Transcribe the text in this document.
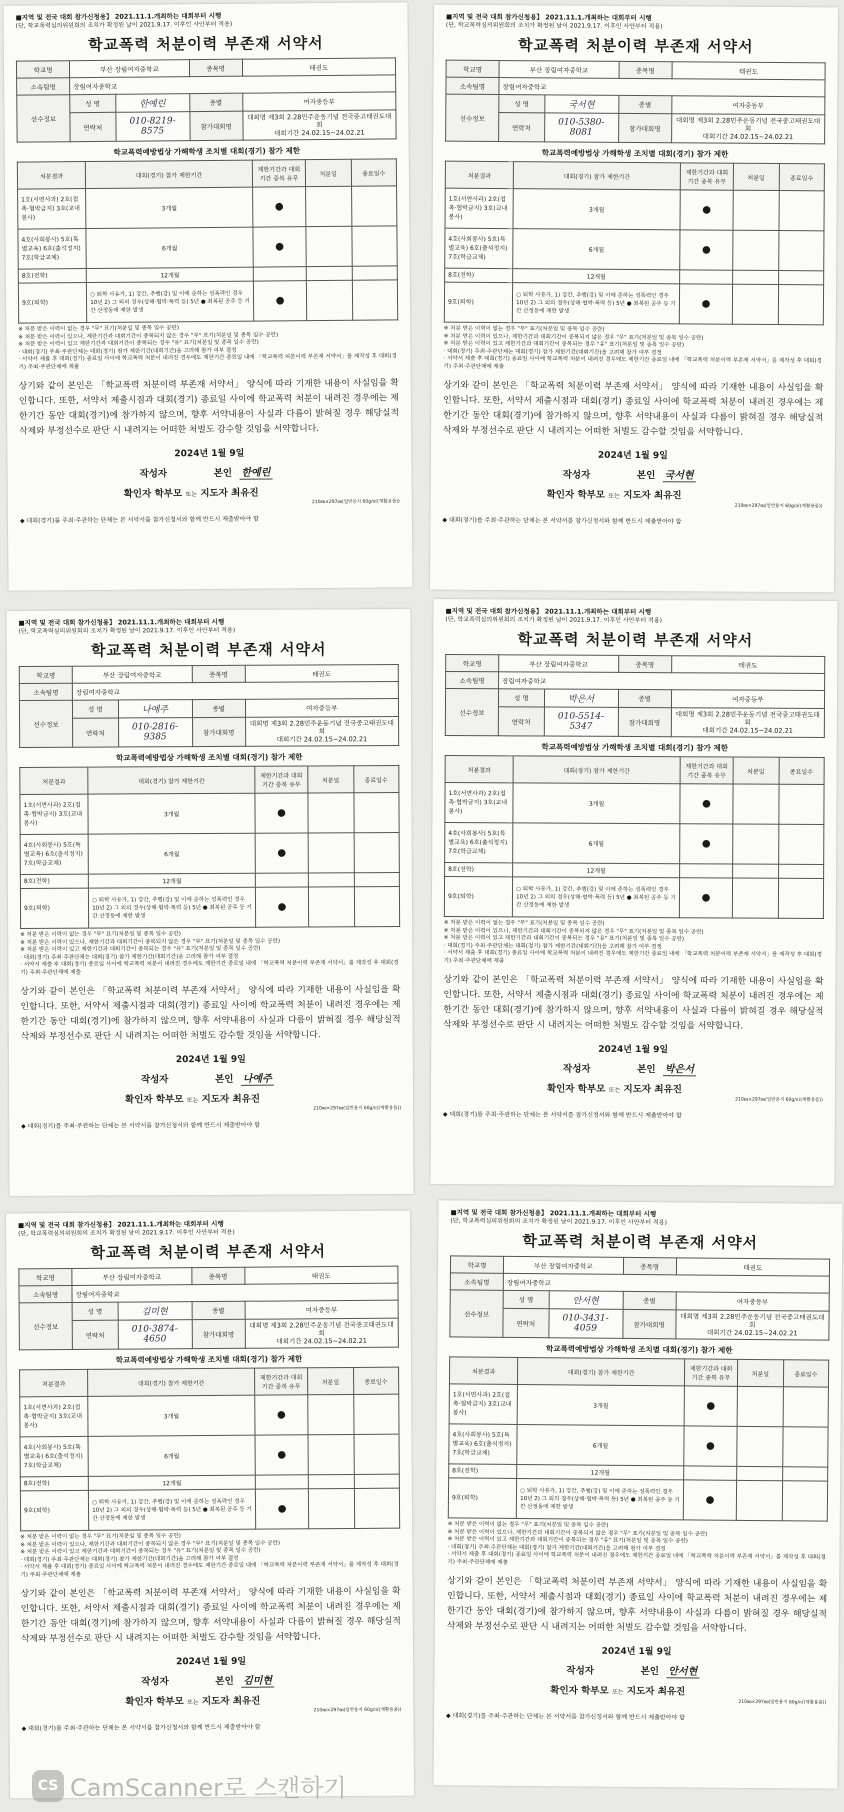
■지역 및 전국 대회 참가신청용】 2021.11.1.개최하는 대회부터 시행
(단, 학교폭력심의위원회의 조치가 확정된 날이 2021.9.17. 이후인 사안부터 적용)
학교폭력 처분이력 부존재 서약서
학교명	부산 장림여자중학교		종목명	태권도
소속팀명	장림여자중학교			
선수정보	성 명	한예린	종별	여자중등부
	연락처	010-8219-8575	참가대회명	대회명 제3회 2.28민주운동기념 전국중고태권도대회
대회기간 24.02.15~24.02.21
학교폭력예방법상 가해학생 조치별 대회(경기) 참가 제한
처분결과	대회(경기) 참가 제한기간	제한기간과 대회기간 중복 유무	처분일	종료일수
1호(서면사과) 2호(접촉·협박금지) 3호(교내봉사)	3개월	●		
4호(사회봉사) 5호(특별교육) 6호(출석정지) 7호(학급교체)	6개월	●		
8호(전학)	12개월			
9호(퇴학)	○ 퇴학 사유가, 1) 강간, 추행(강) 및 이에 준하는 성폭력인 경우 10년 2) 그 외의 경우(상해·협박·폭력 등) 5년 ● 최복된 공주 등 기간 산정동에 제한 발생	●		
※ 처분 받은 이력이 없는 경우 "무" 표기(처분일 및 종목 일수 공란)
※ 처분 받은 이력이 있으나, 제한기간과 대회기간이 중복되지 않은 경우 "무" 표기(처분일 및 종목 일수 공란)
※ 처분 받은 이력이 있고 제한기간과 대회기간이 중복되는 경우 "유" 표기(처분일 및 종목 일수 공란)
· 대회(경기) 주최·주관단체는 대회(경기) 참가 제한기간(대회기간)을 고려해 참가 여부 결정
· 서약서 제출 후 대회(경기) 종료일 사이에 학교폭력 처분이 내려진 경우에도 제한기간 종료일 내에 「학교폭력 처분이력 부존재 서약서」를 제작성 후 대회(경기) 주최·주관단체에 제출
상기와 같이 본인은 「학교폭력 처분이력 부존재 서약서」 양식에 따라 기재한 내용이 사실임을 확인합니다. 또한, 서약서 제출시점과 대회(경기) 종료일 사이에 학교폭력 처분이 내려진 경우에는 제한기간 동안 대회(경기)에 참가하지 않으며, 향후 서약내용이 사실과 다름이 밝혀질 경우 해당실적 삭제와 부정선수로 판단 시 내려지는 어떠한 처벌도 감수할 것임을 서약합니다.
2024년 1월 9일
작성자	본인 한예린
확인자 학부모 또는 지도자 최유진
210㎜×297㎜(일반용지 60g/㎡(재활용품))
◆ 대회(경기)를 주최·주관하는 단체는 본 서약서를 참가신청서와 함께 반드시 제출받아야 함
■지역 및 전국 대회 참가신청용】 2021.11.1.개최하는 대회부터 시행
(단, 학교폭력심의위원회의 조치가 확정된 날이 2021.9.17. 이후인 사안부터 적용)
학교폭력 처분이력 부존재 서약서
학교명	부산 장림여자중학교		종목명	태권도
소속팀명	장림여자중학교			
선수정보	성 명	국서현	종별	여자중등부
	연락처	010-5380-8081	참가대회명	대회명 제3회 2.28민주운동기념 전국중고태권도대회
대회기간 24.02.15~24.02.21
학교폭력예방법상 가해학생 조치별 대회(경기) 참가 제한
처분결과	대회(경기) 참가 제한기간	제한기간과 대회기간 중복 유무	처분일	종료일수
1호(서면사과) 2호(접촉·협박금지) 3호(교내봉사)	3개월	●		
4호(사회봉사) 5호(특별교육) 6호(출석정지) 7호(학급교체)	6개월	●		
8호(전학)	12개월			
9호(퇴학)	○ 퇴학 사유가, 1) 강간, 추행(강) 및 이에 준하는 성폭력인 경우 10년 2) 그 외의 경우(상해·협박·폭력 등) 5년 ● 최복된 공주 등 기간 산정동에 제한 발생	●		
※ 처분 받은 이력이 없는 경우 "무" 표기(처분일 및 종목 일수 공란)
※ 처분 받은 이력이 있으나, 제한기간과 대회기간이 중복되지 않은 경우 "무" 표기(처분일 및 종목 일수 공란)
※ 처분 받은 이력이 있고 제한기간과 대회기간이 중복되는 경우 "유" 표기(처분일 및 종목 일수 공란)
· 대회(경기) 주최·주관단체는 대회(경기) 참가 제한기간(대회기간)을 고려해 참가 여부 결정
· 서약서 제출 후 대회(경기) 종료일 사이에 학교폭력 처분이 내려진 경우에도 제한기간 종료일 내에 「학교폭력 처분이력 부존재 서약서」를 제작성 후 대회(경기) 주최·주관단체에 제출
상기와 같이 본인은 「학교폭력 처분이력 부존재 서약서」 양식에 따라 기재한 내용이 사실임을 확인합니다. 또한, 서약서 제출시점과 대회(경기) 종료일 사이에 학교폭력 처분이 내려진 경우에는 제한기간 동안 대회(경기)에 참가하지 않으며, 향후 서약내용이 사실과 다름이 밝혀질 경우 해당실적 삭제와 부정선수로 판단 시 내려지는 어떠한 처벌도 감수할 것임을 서약합니다.
2024년 1월 9일
작성자	본인 국서현
확인자 학부모 또는 지도자 최유진
210㎜×297㎜(일반용지 60g/㎡(재활용품))
◆ 대회(경기)를 주최·주관하는 단체는 본 서약서를 참가신청서와 함께 반드시 제출받아야 함
■지역 및 전국 대회 참가신청용】 2021.11.1.개최하는 대회부터 시행
(단, 학교폭력심의위원회의 조치가 확정된 날이 2021.9.17. 이후인 사안부터 적용)
학교폭력 처분이력 부존재 서약서
학교명	부산 장림여자중학교		종목명	태권도
소속팀명	장림여자중학교			
선수정보	성 명	나예주	종별	여자중등부
	연락처	010-2816-9385	참가대회명	대회명 제3회 2.28민주운동기념 전국중고태권도대회
대회기간 24.02.15~24.02.21
학교폭력예방법상 가해학생 조치별 대회(경기) 참가 제한
처분결과	대회(경기) 참가 제한기간	제한기간과 대회기간 중복 유무	처분일	종료일수
1호(서면사과) 2호(접촉·협박금지) 3호(교내봉사)	3개월	●		
4호(사회봉사) 5호(특별교육) 6호(출석정지) 7호(학급교체)	6개월	●		
8호(전학)	12개월			
9호(퇴학)	○ 퇴학 사유가, 1) 강간, 추행(강) 및 이에 준하는 성폭력인 경우 10년 2) 그 외의 경우(상해·협박·폭력 등) 5년 ● 최복된 공주 등 기간 산정동에 제한 발생	●		
※ 처분 받은 이력이 없는 경우 "무" 표기(처분일 및 종목 일수 공란)
※ 처분 받은 이력이 있으나, 제한기간과 대회기간이 중복되지 않은 경우 "무" 표기(처분일 및 종목 일수 공란)
※ 처분 받은 이력이 있고 제한기간과 대회기간이 중복되는 경우 "유" 표기(처분일 및 종목 일수 공란)
· 대회(경기) 주최·주관단체는 대회(경기) 참가 제한기간(대회기간)을 고려해 참가 여부 결정
· 서약서 제출 후 대회(경기) 종료일 사이에 학교폭력 처분이 내려진 경우에도 제한기간 종료일 내에 「학교폭력 처분이력 부존재 서약서」를 제작성 후 대회(경기) 주최·주관단체에 제출
상기와 같이 본인은 「학교폭력 처분이력 부존재 서약서」 양식에 따라 기재한 내용이 사실임을 확인합니다. 또한, 서약서 제출시점과 대회(경기) 종료일 사이에 학교폭력 처분이 내려진 경우에는 제한기간 동안 대회(경기)에 참가하지 않으며, 향후 서약내용이 사실과 다름이 밝혀질 경우 해당실적 삭제와 부정선수로 판단 시 내려지는 어떠한 처벌도 감수할 것임을 서약합니다.
2024년 1월 9일
작성자	본인 나예주
확인자 학부모 또는 지도자 최유진
210㎜×297㎜(일반용지 60g/㎡(재활용품))
◆ 대회(경기)를 주최·주관하는 단체는 본 서약서를 참가신청서와 함께 반드시 제출받아야 함
■지역 및 전국 대회 참가신청용】 2021.11.1.개최하는 대회부터 시행
(단, 학교폭력심의위원회의 조치가 확정된 날이 2021.9.17. 이후인 사안부터 적용)
학교폭력 처분이력 부존재 서약서
학교명	부산 장림여자중학교		종목명	태권도
소속팀명	장림여자중학교			
선수정보	성 명	박은서	종별	여자중등부
	연락처	010-5514-5347	참가대회명	대회명 제3회 2.28민주운동기념 전국중고태권도대회
대회기간 24.02.15~24.02.21
학교폭력예방법상 가해학생 조치별 대회(경기) 참가 제한
처분결과	대회(경기) 참가 제한기간	제한기간과 대회기간 중복 유무	처분일	종료일수
1호(서면사과) 2호(접촉·협박금지) 3호(교내봉사)	3개월	●		
4호(사회봉사) 5호(특별교육) 6호(출석정지) 7호(학급교체)	6개월	●		
8호(전학)	12개월			
9호(퇴학)	○ 퇴학 사유가, 1) 강간, 추행(강) 및 이에 준하는 성폭력인 경우 10년 2) 그 외의 경우(상해·협박·폭력 등) 5년 ● 최복된 공주 등 기간 산정동에 제한 발생	●		
※ 처분 받은 이력이 없는 경우 "무" 표기(처분일 및 종목 일수 공란)
※ 처분 받은 이력이 있으나, 제한기간과 대회기간이 중복되지 않은 경우 "무" 표기(처분일 및 종목 일수 공란)
※ 처분 받은 이력이 있고 제한기간과 대회기간이 중복되는 경우 "유" 표기(처분일 및 종목 일수 공란)
· 대회(경기) 주최·주관단체는 대회(경기) 참가 제한기간(대회기간)을 고려해 참가 여부 결정
· 서약서 제출 후 대회(경기) 종료일 사이에 학교폭력 처분이 내려진 경우에도 제한기간 종료일 내에 「학교폭력 처분이력 부존재 서약서」를 제작성 후 대회(경기) 주최·주관단체에 제출
상기와 같이 본인은 「학교폭력 처분이력 부존재 서약서」 양식에 따라 기재한 내용이 사실임을 확인합니다. 또한, 서약서 제출시점과 대회(경기) 종료일 사이에 학교폭력 처분이 내려진 경우에는 제한기간 동안 대회(경기)에 참가하지 않으며, 향후 서약내용이 사실과 다름이 밝혀질 경우 해당실적 삭제와 부정선수로 판단 시 내려지는 어떠한 처벌도 감수할 것임을 서약합니다.
2024년 1월 9일
작성자	본인 박은서
확인자 학부모 또는 지도자 최유진
210㎜×297㎜(일반용지 60g/㎡(재활용품))
◆ 대회(경기)를 주최·주관하는 단체는 본 서약서를 참가신청서와 함께 반드시 제출받아야 함
■지역 및 전국 대회 참가신청용】 2021.11.1.개최하는 대회부터 시행
(단, 학교폭력심의위원회의 조치가 확정된 날이 2021.9.17. 이후인 사안부터 적용)
학교폭력 처분이력 부존재 서약서
학교명	부산 장림여자중학교		종목명	태권도
소속팀명	장림여자중학교			
선수정보	성 명	김미현	종별	여자중등부
	연락처	010-3874-4650	참가대회명	대회명 제3회 2.28민주운동기념 전국중고태권도대회
대회기간 24.02.15~24.02.21
학교폭력예방법상 가해학생 조치별 대회(경기) 참가 제한
처분결과	대회(경기) 참가 제한기간	제한기간과 대회기간 중복 유무	처분일	종료일수
1호(서면사과) 2호(접촉·협박금지) 3호(교내봉사)	3개월	●		
4호(사회봉사) 5호(특별교육) 6호(출석정지) 7호(학급교체)	6개월	●		
8호(전학)	12개월			
9호(퇴학)	○ 퇴학 사유가, 1) 강간, 추행(강) 및 이에 준하는 성폭력인 경우 10년 2) 그 외의 경우(상해·협박·폭력 등) 5년 ● 최복된 공주 등 기간 산정동에 제한 발생	●		
※ 처분 받은 이력이 없는 경우 "무" 표기(처분일 및 종목 일수 공란)
※ 처분 받은 이력이 있으나, 제한기간과 대회기간이 중복되지 않은 경우 "무" 표기(처분일 및 종목 일수 공란)
※ 처분 받은 이력이 있고 제한기간과 대회기간이 중복되는 경우 "유" 표기(처분일 및 종목 일수 공란)
· 대회(경기) 주최·주관단체는 대회(경기) 참가 제한기간(대회기간)을 고려해 참가 여부 결정
· 서약서 제출 후 대회(경기) 종료일 사이에 학교폭력 처분이 내려진 경우에도 제한기간 종료일 내에 「학교폭력 처분이력 부존재 서약서」를 제작성 후 대회(경기) 주최·주관단체에 제출
상기와 같이 본인은 「학교폭력 처분이력 부존재 서약서」 양식에 따라 기재한 내용이 사실임을 확인합니다. 또한, 서약서 제출시점과 대회(경기) 종료일 사이에 학교폭력 처분이 내려진 경우에는 제한기간 동안 대회(경기)에 참가하지 않으며, 향후 서약내용이 사실과 다름이 밝혀질 경우 해당실적 삭제와 부정선수로 판단 시 내려지는 어떠한 처벌도 감수할 것임을 서약합니다.
2024년 1월 9일
작성자	본인 김미현
확인자 학부모 또는 지도자 최유진
210㎜×297㎜(일반용지 60g/㎡(재활용품))
◆ 대회(경기)를 주최·주관하는 단체는 본 서약서를 참가신청서와 함께 반드시 제출받아야 함
■지역 및 전국 대회 참가신청용】 2021.11.1.개최하는 대회부터 시행
(단, 학교폭력심의위원회의 조치가 확정된 날이 2021.9.17. 이후인 사안부터 적용)
학교폭력 처분이력 부존재 서약서
학교명	부산 장림여자중학교		종목명	태권도
소속팀명	장림여자중학교			
선수정보	성 명	안서현	종별	여자중등부
	연락처	010-3431-4059	참가대회명	대회명 제3회 2.28민주운동기념 전국중고태권도대회
대회기간 24.02.15~24.02.21
학교폭력예방법상 가해학생 조치별 대회(경기) 참가 제한
처분결과	대회(경기) 참가 제한기간	제한기간과 대회기간 중복 유무	처분일	종료일수
1호(서면사과) 2호(접촉·협박금지) 3호(교내봉사)	3개월	●		
4호(사회봉사) 5호(특별교육) 6호(출석정지) 7호(학급교체)	6개월	●		
8호(전학)	12개월			
9호(퇴학)	○ 퇴학 사유가, 1) 강간, 추행(강) 및 이에 준하는 성폭력인 경우 10년 2) 그 외의 경우(상해·협박·폭력 등) 5년 ● 최복된 공주 등 기간 산정동에 제한 발생	●		
※ 처분 받은 이력이 없는 경우 "무" 표기(처분일 및 종목 일수 공란)
※ 처분 받은 이력이 있으나, 제한기간과 대회기간이 중복되지 않은 경우 "무" 표기(처분일 및 종목 일수 공란)
※ 처분 받은 이력이 있고 제한기간과 대회기간이 중복되는 경우 "유" 표기(처분일 및 종목 일수 공란)
· 대회(경기) 주최·주관단체는 대회(경기) 참가 제한기간(대회기간)을 고려해 참가 여부 결정
· 서약서 제출 후 대회(경기) 종료일 사이에 학교폭력 처분이 내려진 경우에도 제한기간 종료일 내에 「학교폭력 처분이력 부존재 서약서」를 제작성 후 대회(경기) 주최·주관단체에 제출
상기와 같이 본인은 「학교폭력 처분이력 부존재 서약서」 양식에 따라 기재한 내용이 사실임을 확인합니다. 또한, 서약서 제출시점과 대회(경기) 종료일 사이에 학교폭력 처분이 내려진 경우에는 제한기간 동안 대회(경기)에 참가하지 않으며, 향후 서약내용이 사실과 다름이 밝혀질 경우 해당실적 삭제와 부정선수로 판단 시 내려지는 어떠한 처벌도 감수할 것임을 서약합니다.
2024년 1월 9일
작성자	본인 안서현
확인자 학부모 또는 지도자 최유진
210㎜×297㎜(일반용지 60g/㎡(재활용품))
◆ 대회(경기)를 주최·주관하는 단체는 본 서약서를 참가신청서와 함께 반드시 제출받아야 함
CS CamScanner로 스캔하기
